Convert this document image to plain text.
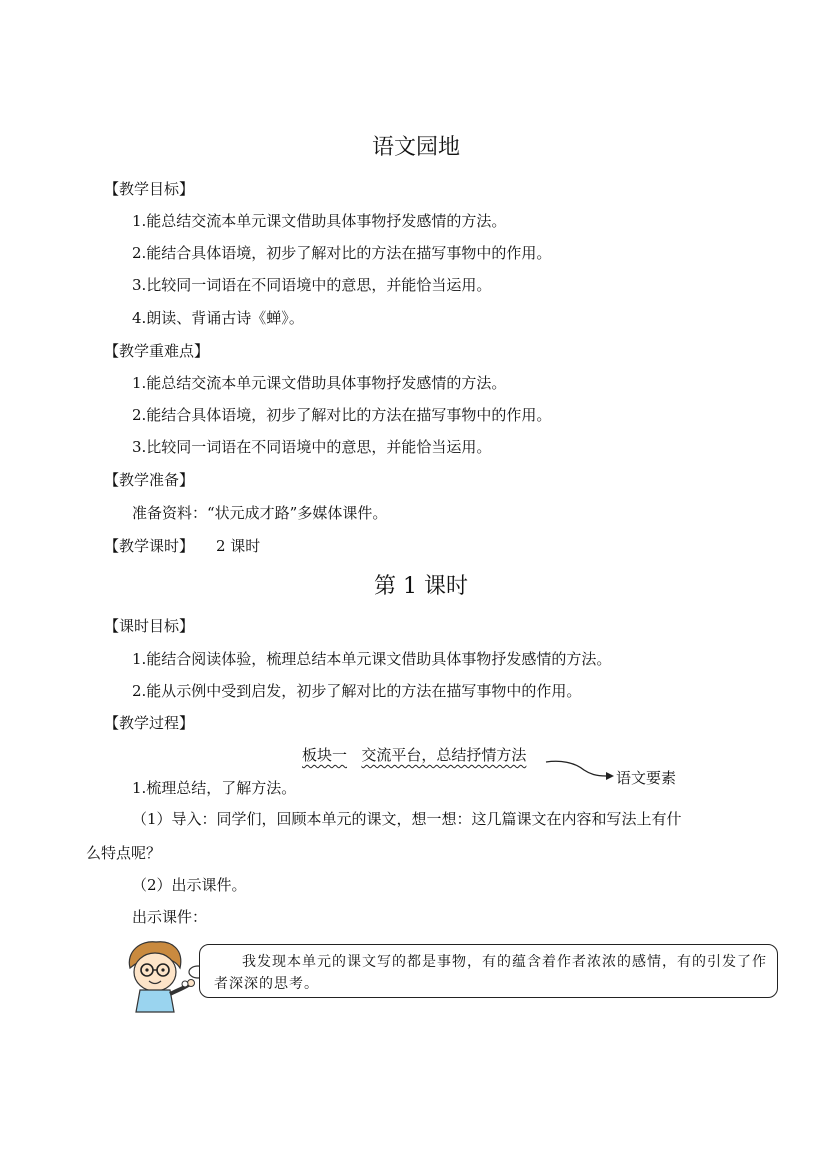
语文园地
【教学目标】
1.能总结交流本单元课文借助具体事物抒发感情的方法。
2.能结合具体语境，初步了解对比的方法在描写事物中的作用。
3.比较同一词语在不同语境中的意思，并能恰当运用。
4.朗读、背诵古诗《蝉》。
【教学重难点】
1.能总结交流本单元课文借助具体事物抒发感情的方法。
2.能结合具体语境，初步了解对比的方法在描写事物中的作用。
3.比较同一词语在不同语境中的意思，并能恰当运用。
【教学准备】
准备资料：“状元成才路”多媒体课件。
【教学课时】 2 课时
第 1 课时
【课时目标】
1.能结合阅读体验，梳理总结本单元课文借助具体事物抒发感情的方法。
2.能从示例中受到启发，初步了解对比的方法在描写事物中的作用。
【教学过程】
板块一 交流平台，总结抒情方法
语文要素
1.梳理总结，了解方法。
（1）导入：同学们，回顾本单元的课文，想一想：这几篇课文在内容和写法上有什
么特点呢？
（2）出示课件。
出示课件：
我发现本单元的课文写的都是事物，有的蕴含着作者浓浓的感情，有的引发了作者深深的思考。
